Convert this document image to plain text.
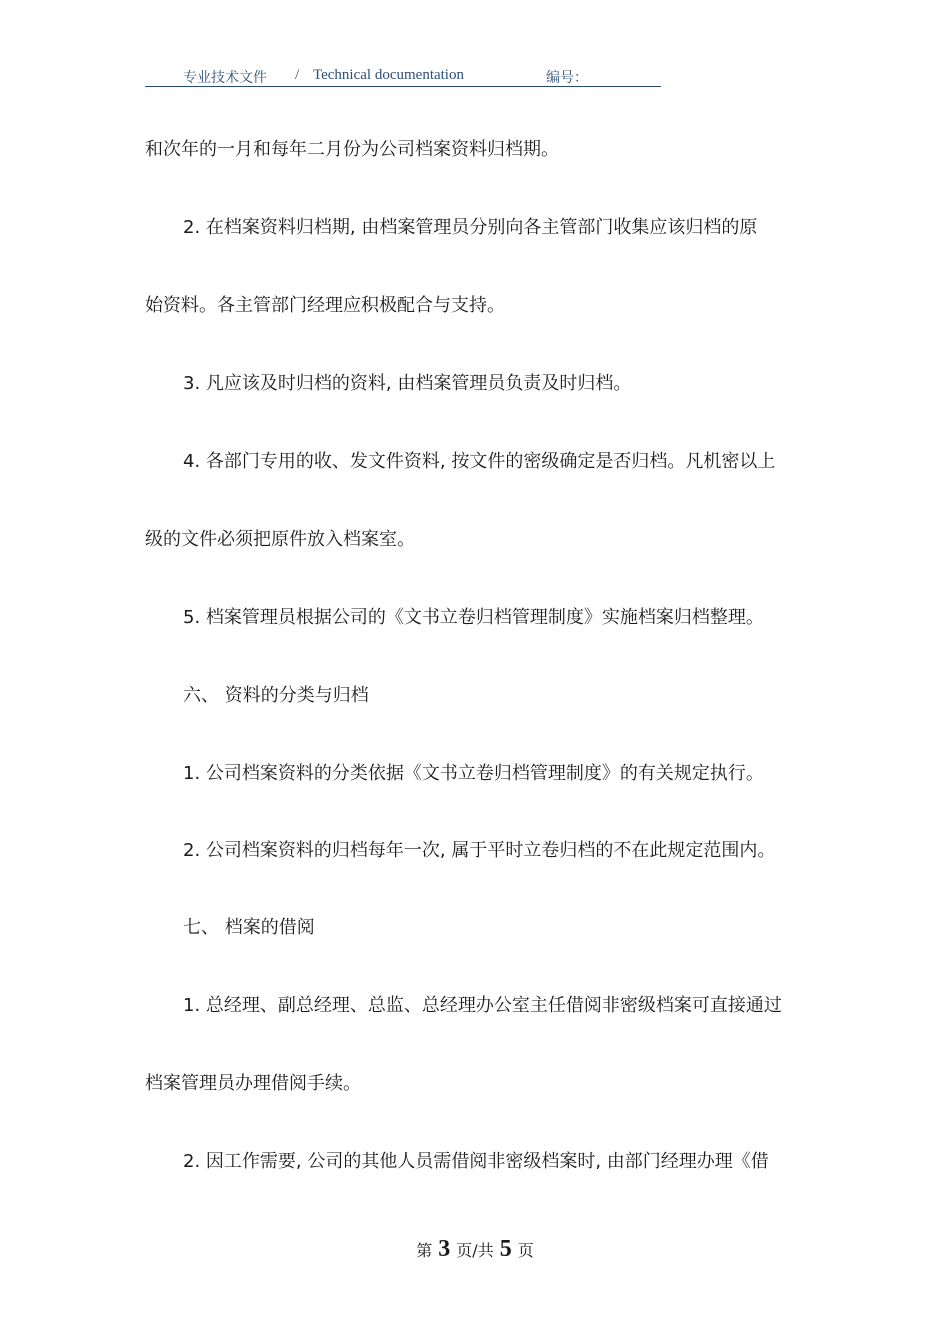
专业技术文件 / Technical documentation	编号：
和次年的一月和每年二月份为公司档案资料归档期。
2. 在档案资料归档期, 由档案管理员分别向各主管部门收集应该归档的原
始资料。各主管部门经理应积极配合与支持。
3. 凡应该及时归档的资料, 由档案管理员负责及时归档。
4. 各部门专用的收、发文件资料, 按文件的密级确定是否归档。凡机密以上
级的文件必须把原件放入档案室。
5. 档案管理员根据公司的《文书立卷归档管理制度》实施档案归档整理。
六、 资料的分类与归档
1. 公司档案资料的分类依据《文书立卷归档管理制度》的有关规定执行。
2. 公司档案资料的归档每年一次, 属于平时立卷归档的不在此规定范围内。
七、 档案的借阅
1. 总经理、副总经理、总监、总经理办公室主任借阅非密级档案可直接通过
档案管理员办理借阅手续。
2. 因工作需要, 公司的其他人员需借阅非密级档案时, 由部门经理办理《借
第 3 页/共 5 页
